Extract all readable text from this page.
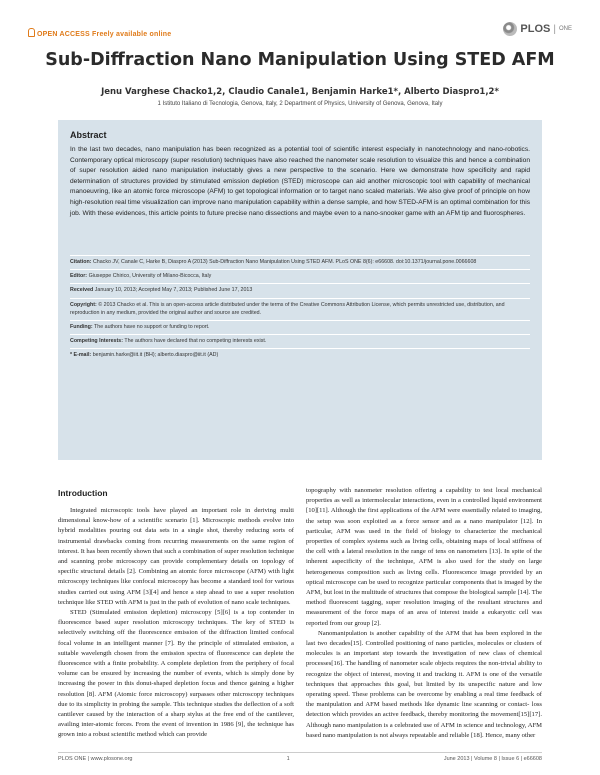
OPEN ACCESS Freely available online	PLOS | ONE
Sub-Diffraction Nano Manipulation Using STED AFM
Jenu Varghese Chacko1,2, Claudio Canale1, Benjamin Harke1*, Alberto Diaspro1,2*
1 Istituto Italiano di Tecnologia, Genova, Italy, 2 Department of Physics, University of Genova, Genova, Italy
Abstract

In the last two decades, nano manipulation has been recognized as a potential tool of scientific interest especially in nanotechnology and nano-robotics. Contemporary optical microscopy (super resolution) techniques have also reached the nanometer scale resolution to visualize this and hence a combination of super resolution aided nano manipulation ineluctably gives a new perspective to the scenario. Here we demonstrate how specificity and rapid determination of structures provided by stimulated emission depletion (STED) microscope can aid another microscopic tool with capability of mechanical manoeuvring, like an atomic force microscope (AFM) to get topological information or to target nano scaled materials. We also give proof of principle on how high-resolution real time visualization can improve nano manipulation capability within a dense sample, and how STED-AFM is an optimal combination for this job. With these evidences, this article points to future precise nano dissections and maybe even to a nano-snooker game with an AFM tip and fluorospheres.

Citation: Chacko JV, Canale C, Harke B, Diaspro A (2013) Sub-Diffraction Nano Manipulation Using STED AFM. PLoS ONE 8(6): e66608. doi:10.1371/journal.pone.0066608
Editor: Giuseppe Chirico, University of Milano-Bicocca, Italy
Received January 10, 2013; Accepted May 7, 2013; Published June 17, 2013
Copyright: © 2013 Chacko et al. This is an open-access article distributed under the terms of the Creative Commons Attribution License, which permits unrestricted use, distribution, and reproduction in any medium, provided the original author and source are credited.
Funding: The authors have no support or funding to report.
Competing Interests: The authors have declared that no competing interests exist.
* E-mail: benjamin.harke@iit.it (BH); alberto.diaspro@iit.it (AD)
Introduction

Integrated microscopic tools have played an important role in deriving multi dimensional know-how of a scientific scenario [1]. Microscopic methods evolve into hybrid modalities pouring out data sets in a single shot, thereby reducing sorts of instrumental drawbacks coming from recurring measurements on the same region of interest. It has been recently shown that such a combination of super resolution technique and scanning probe microscopy can provide complementary details on topology of specific structural details [2]. Combining an atomic force microscope (AFM) with light microscopy techniques like confocal microscopy has become a standard tool for various studies carried out using AFM [3][4] and hence a step ahead to use a super resolution technique like STED with AFM is just in the path of evolution of nano scale techniques.

STED (Stimulated emission depletion) microscopy [5][6] is a top contender in fluorescence based super resolution microscopy techniques. The key of STED is selectively switching off the fluorescence emission of the diffraction limited confocal focal volume in an intelligent manner [7]. By the principle of stimulated emission, a suitable wavelength chosen from the emission spectra of fluorescence can deplete the fluorescence with a finite probability. A complete depletion from the periphery of focal volume can be ensured by increasing the number of events, which is simply done by increasing the power in this donut-shaped depletion focus and thence gaining a higher resolution [8]. AFM (Atomic force microscopy) surpasses other microscopy techniques due to its simplicity in probing the sample. This technique studies the deflection of a soft cantilever caused by the interaction of a sharp stylus at the free end of the cantilever, availing inter-atomic forces. From the event of invention in 1986 [9], the technique has grown into a robust scientific method which can provide

topography with nanometer resolution offering a capability to test local mechanical properties as well as intermolecular interactions, even in a controlled liquid environment [10][11]. Although the first applications of the AFM were essentially related to imaging, the setup was soon exploited as a force sensor and as a nano manipulator [12]. In particular, AFM was used in the field of biology to characterize the mechanical properties of complex systems such as living cells, obtaining maps of local stiffness of the cell with a lateral resolution in the range of tens on nanometers [13]. In spite of the inherent aspecificity of the technique, AFM is also used for the study on large heterogeneous composition such as living cells. Fluorescence image provided by an optical microscope can be used to recognize particular components that is imaged by the AFM, but lost in the multitude of structures that compose the biological sample [14]. The method fluorescent tagging, super resolution imaging of the resultant structures and measurement of the force maps of an area of interest inside a eukaryotic cell was reported from our group [2].

Nanomanipulation is another capability of the AFM that has been explored in the last two decades[15]. Controlled positioning of nano particles, molecules or clusters of molecules is an important step towards the investigation of new class of chemical processes[16]. The handling of nanometer scale objects requires the non-trivial ability to recognize the object of interest, moving it and tracking it. AFM is one of the versatile techniques that approaches this goal, but limited by its unspecific nature and low operating speed. These problems can be overcome by enabling a real time feedback of the manipulation and AFM based methods like dynamic line scanning or contact- loss detection which provides an active feedback, thereby monitoring the movement[15][17]. Although nano manipulation is a celebrated use of AFM in science and technology, AFM based nano manipulation is not always repeatable and reliable [18]. Hence, many other

PLOS ONE | www.plosone.org	1	June 2013 | Volume 8 | Issue 6 | e66608
